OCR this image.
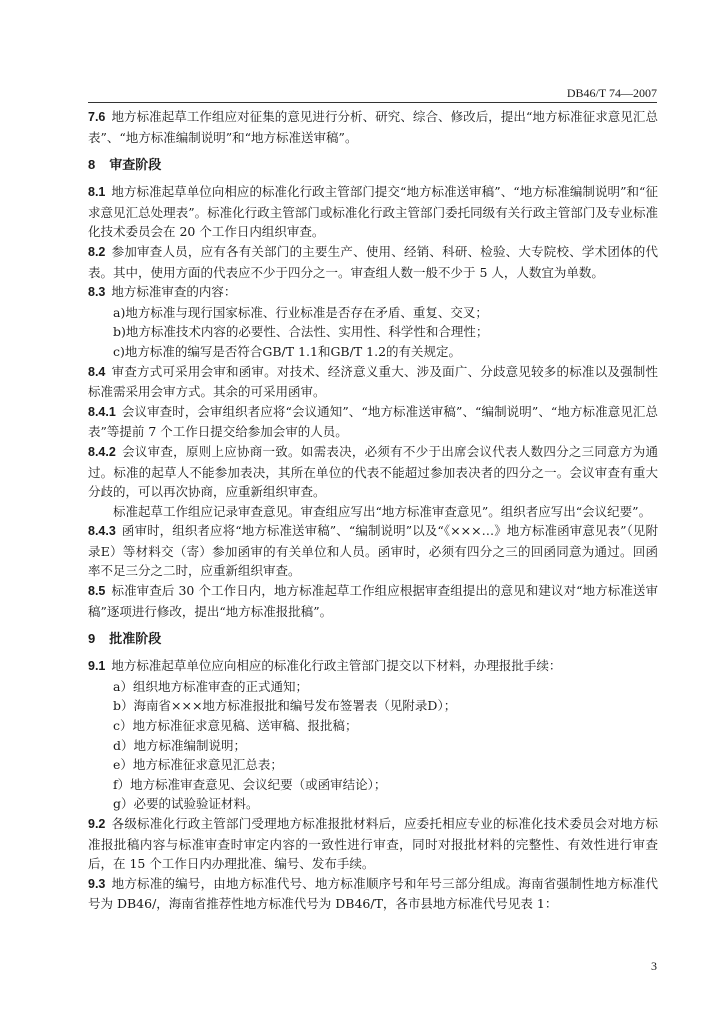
DB46/T 74—2007

7.6 地方标准起草工作组应对征集的意见进行分析、研究、综合、修改后，提出“地方标准征求意见汇总表”、“地方标准编制说明”和“地方标准送审稿”。

8 审查阶段

8.1 地方标准起草单位向相应的标准化行政主管部门提交“地方标准送审稿”、“地方标准编制说明”和“征求意见汇总处理表”。标准化行政主管部门或标准化行政主管部门委托同级有关行政主管部门及专业标准化技术委员会在 20 个工作日内组织审查。

8.2 参加审查人员，应有各有关部门的主要生产、使用、经销、科研、检验、大专院校、学术团体的代表。其中，使用方面的代表应不少于四分之一。审查组人数一般不少于 5 人，人数宜为单数。

8.3 地方标准审查的内容：

a)地方标准与现行国家标准、行业标准是否存在矛盾、重复、交叉；

b)地方标准技术内容的必要性、合法性、实用性、科学性和合理性；

c)地方标准的编写是否符合GB/T 1.1和GB/T 1.2的有关规定。

8.4 审查方式可采用会审和函审。对技术、经济意义重大、涉及面广、分歧意见较多的标准以及强制性标准需采用会审方式。其余的可采用函审。

8.4.1 会议审查时，会审组织者应将“会议通知”、“地方标准送审稿”、“编制说明”、“地方标准意见汇总表”等提前 7 个工作日提交给参加会审的人员。

8.4.2 会议审查，原则上应协商一致。如需表决，必须有不少于出席会议代表人数四分之三同意方为通过。标准的起草人不能参加表决，其所在单位的代表不能超过参加表决者的四分之一。会议审查有重大分歧的，可以再次协商，应重新组织审查。

标准起草工作组应记录审查意见。审查组应写出“地方标准审查意见”。组织者应写出“会议纪要”。

8.4.3 函审时，组织者应将“地方标准送审稿”、“编制说明”以及“《×××…》地方标准函审意见表”（见附录E）等材料交（寄）参加函审的有关单位和人员。函审时，必须有四分之三的回函同意为通过。回函率不足三分之二时，应重新组织审查。

8.5 标准审查后 30 个工作日内，地方标准起草工作组应根据审查组提出的意见和建议对“地方标准送审稿”逐项进行修改，提出“地方标准报批稿”。

9 批准阶段

9.1 地方标准起草单位应向相应的标准化行政主管部门提交以下材料，办理报批手续：

a）组织地方标准审查的正式通知；

b）海南省×××地方标准报批和编号发布签署表（见附录D）；

c）地方标准征求意见稿、送审稿、报批稿；

d）地方标准编制说明；

e）地方标准征求意见汇总表；

f）地方标准审查意见、会议纪要（或函审结论）；

g）必要的试验验证材料。

9.2 各级标准化行政主管部门受理地方标准报批材料后，应委托相应专业的标准化技术委员会对地方标准报批稿内容与标准审查时审定内容的一致性进行审查，同时对报批材料的完整性、有效性进行审查后，在 15 个工作日内办理批准、编号、发布手续。

9.3 地方标准的编号，由地方标准代号、地方标准顺序号和年号三部分组成。海南省强制性地方标准代号为 DB46/，海南省推荐性地方标准代号为 DB46/T，各市县地方标准代号见表 1：

3
